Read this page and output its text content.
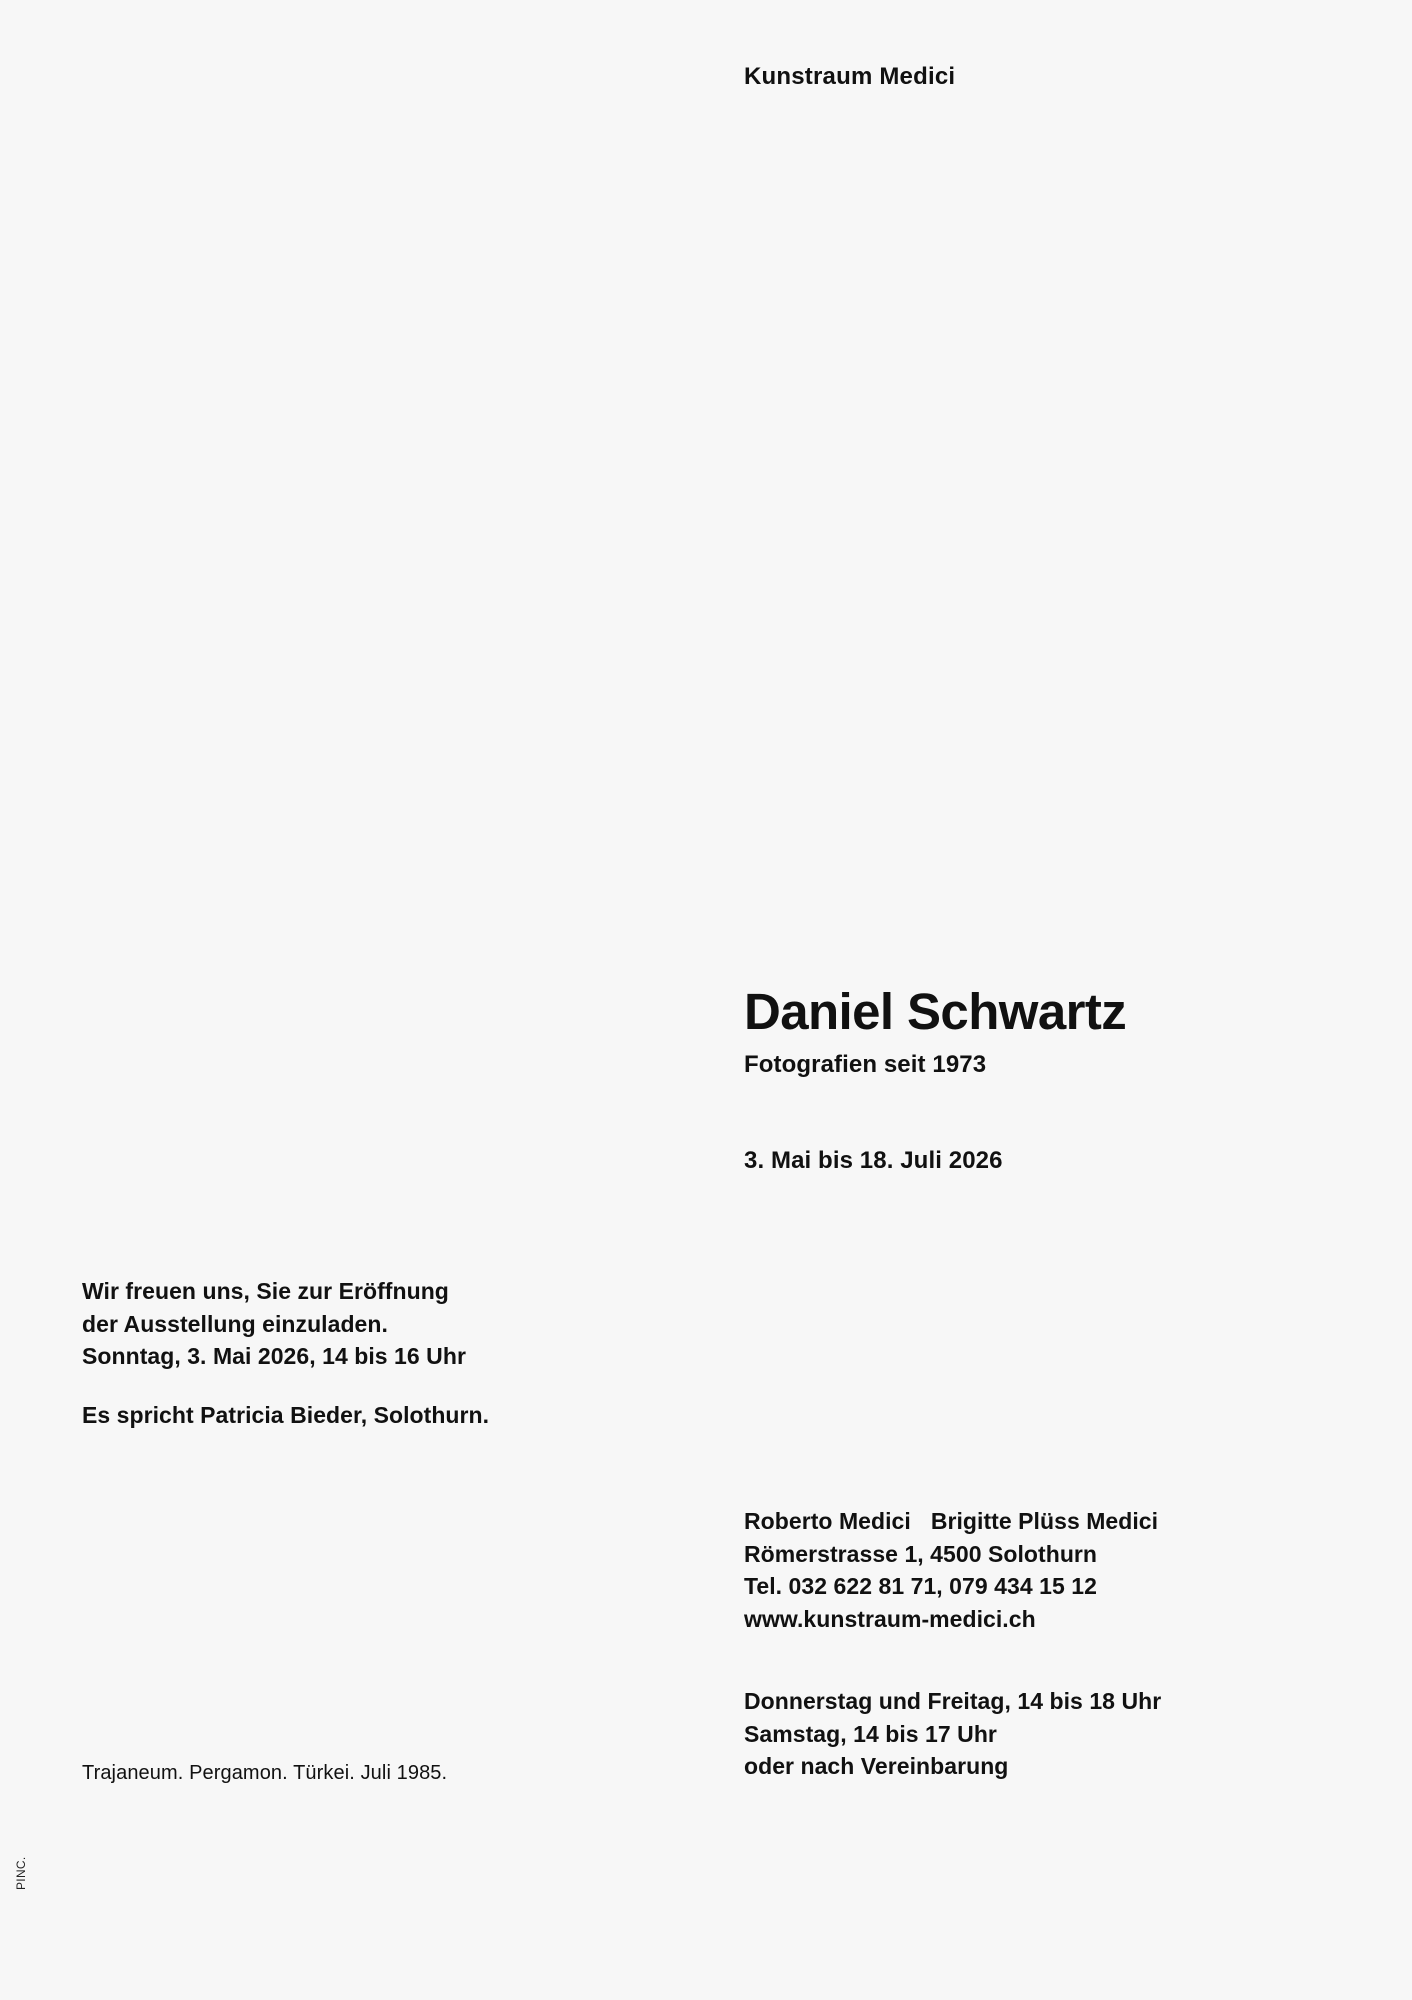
Kunstraum Medici
Daniel Schwartz
Fotografien seit 1973
3. Mai bis 18. Juli 2026
Wir freuen uns, Sie zur Eröffnung
der Ausstellung einzuladen.
Sonntag, 3. Mai 2026, 14 bis 16 Uhr
Es spricht Patricia Bieder, Solothurn.
Roberto Medici Brigitte Plüss Medici
Römerstrasse 1, 4500 Solothurn
Tel. 032 622 81 71, 079 434 15 12
www.kunstraum-medici.ch
Donnerstag und Freitag, 14 bis 18 Uhr
Samstag, 14 bis 17 Uhr
oder nach Vereinbarung
Trajaneum. Pergamon. Türkei. Juli 1985.
PINC.
